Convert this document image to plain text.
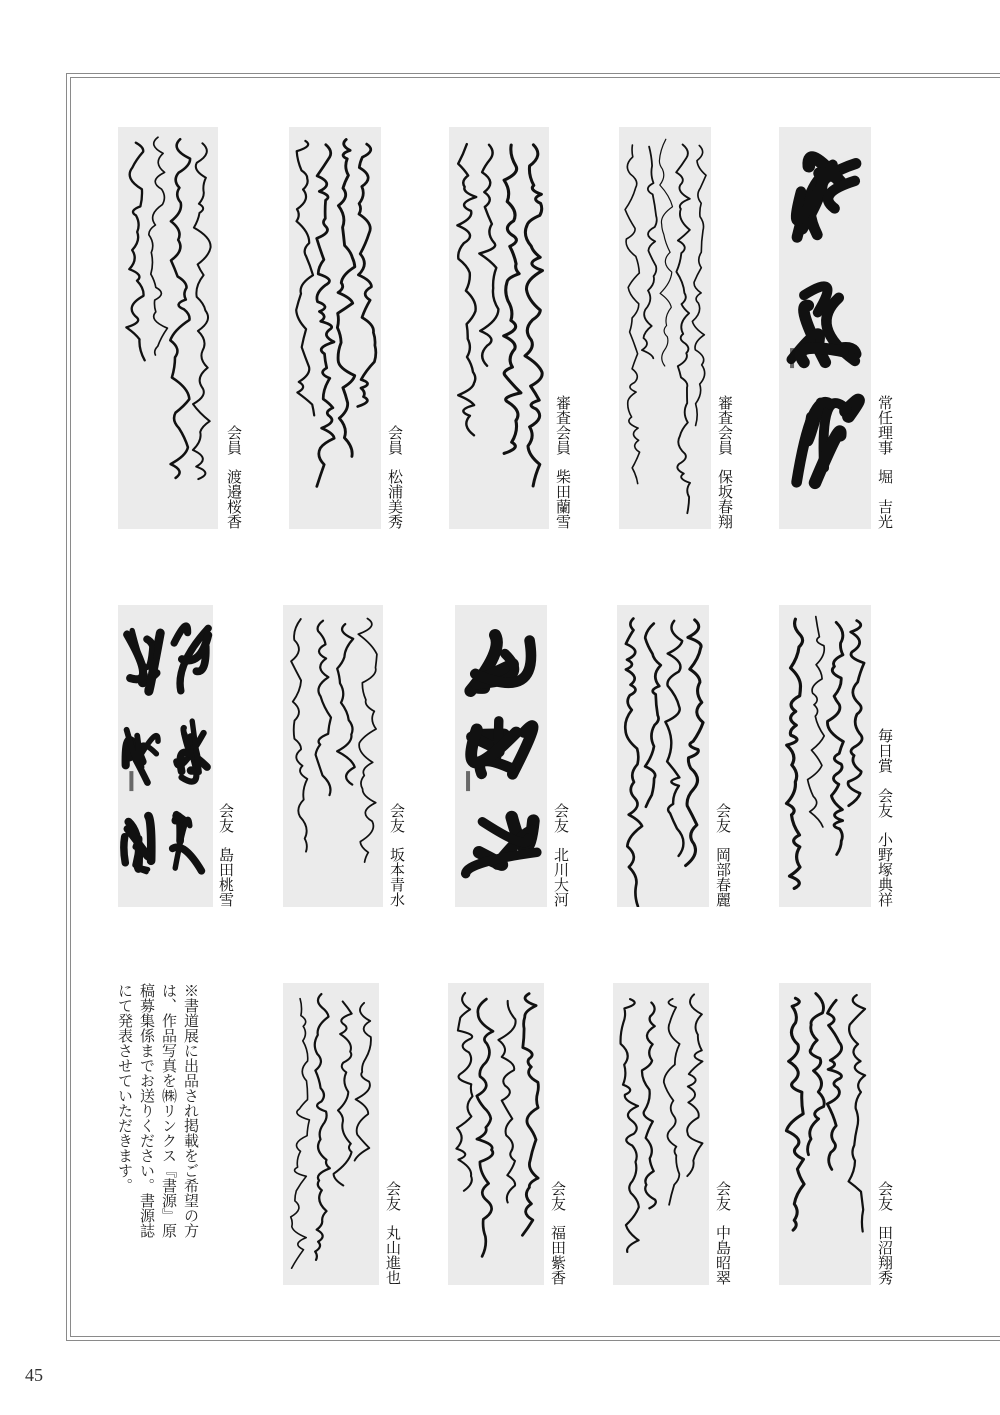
常任理事堀　吉光
審査会員保坂春翔
審査会員柴田蘭雪
会員松浦美秀
会員渡邉桜香
毎日賞　会友小野塚典祥
会友岡部春麗
会友北川大河
会友坂本青水
会友島田桃雪
会友田沼翔秀
会友中島昭翠
会友福田紫香
会友丸山進也
※書道展に出品され掲載をご希望の方
は、作品写真を㈱リンクス『書源』原
稿募集係までお送りください。書源誌
にて発表させていただきます。
45
